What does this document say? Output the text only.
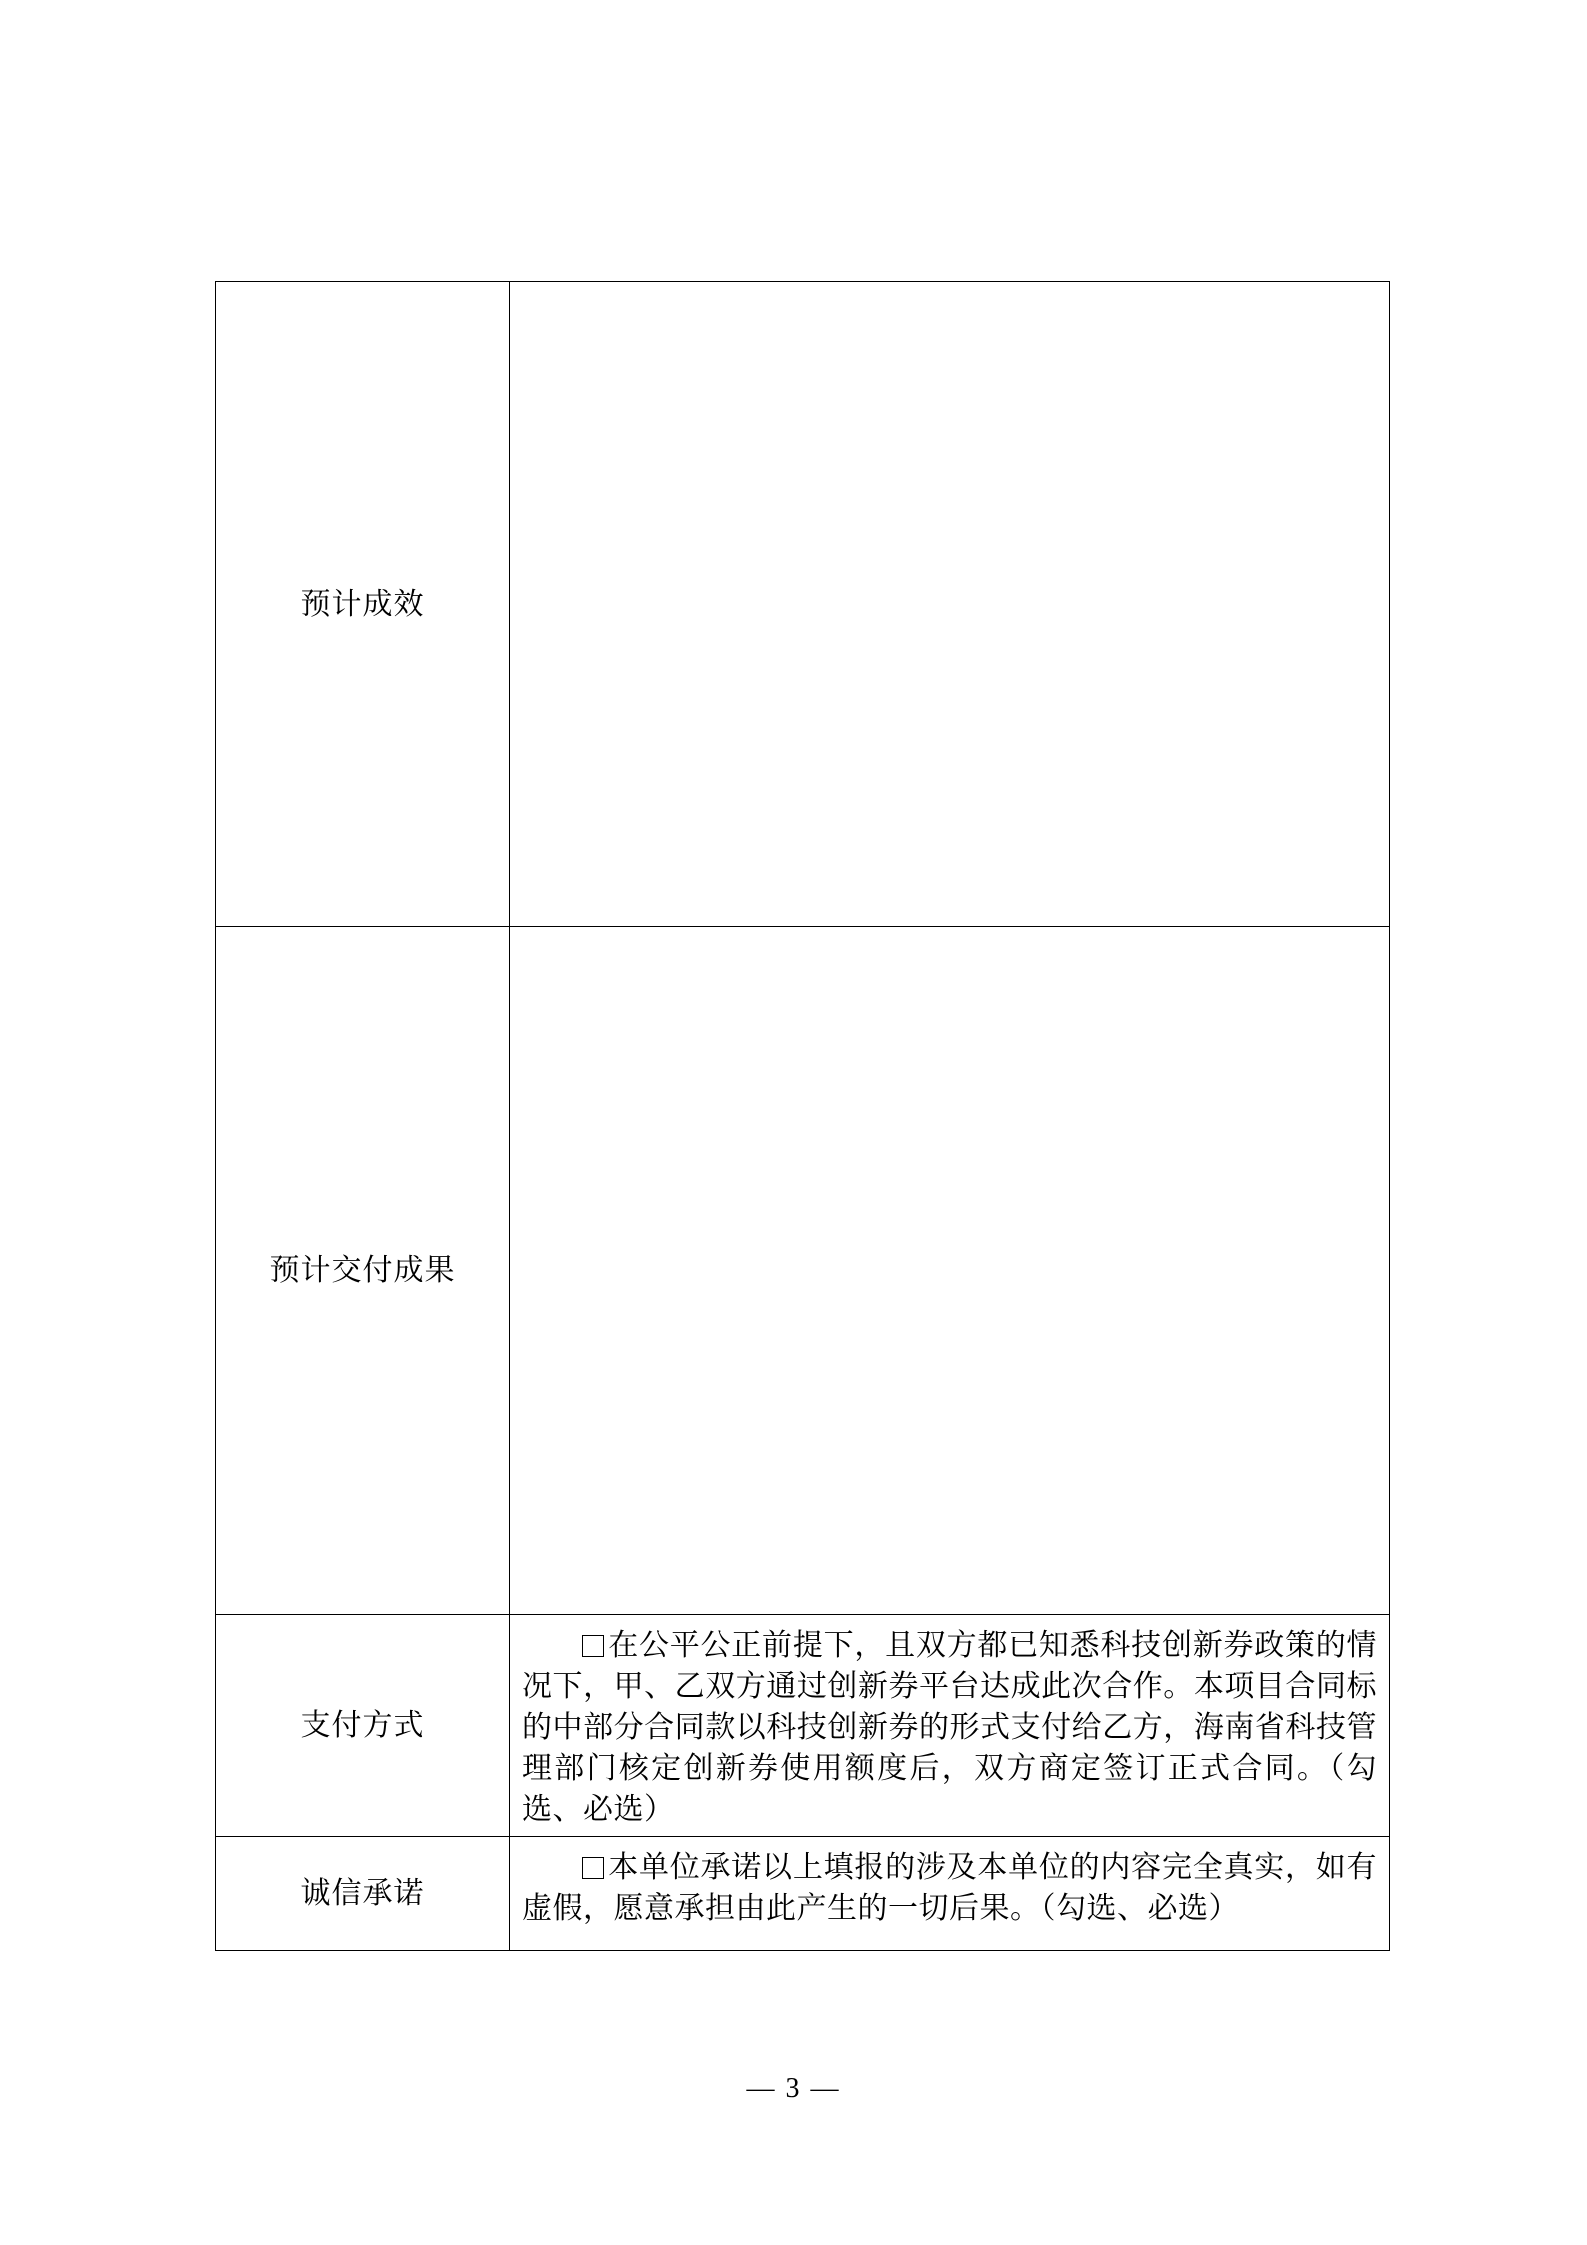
预计成效	
预计交付成果	
支付方式	在公平公正前提下，且双方都已知悉科技创新券政策的情况下，甲、乙双方通过创新券平台达成此次合作。本项目合同标的中部分合同款以科技创新券的形式支付给乙方，海南省科技管理部门核定创新券使用额度后，双方商定签订正式合同。（勾选、必选）

诚信承诺	本单位承诺以上填报的涉及本单位的内容完全真实，如有虚假，愿意承担由此产生的一切后果。（勾选、必选）

— 3 —
